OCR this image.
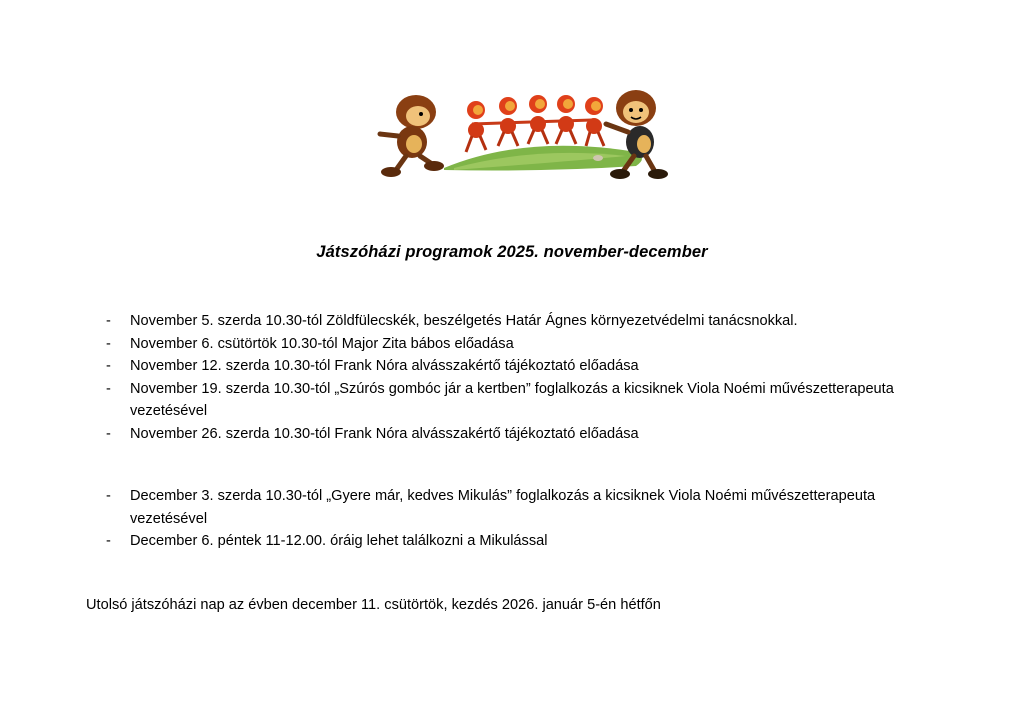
Játszóházi programok 2025. november-december
- November 5. szerda 10.30-tól Zöldfülecskék, beszélgetés Határ Ágnes környezetvédelmi tanácsnokkal.
- November 6. csütörtök 10.30-tól Major Zita bábos előadása
- November 12. szerda 10.30-tól Frank Nóra alvásszakértő tájékoztató előadása
- November 19. szerda 10.30-tól „Szúrós gombóc jár a kertben” foglalkozás a kicsiknek Viola Noémi művészetterapeuta vezetésével
- November 26. szerda 10.30-tól Frank Nóra alvásszakértő tájékoztató előadása
- December 3. szerda 10.30-tól „Gyere már, kedves Mikulás” foglalkozás a kicsiknek Viola Noémi művészetterapeuta vezetésével
- December 6. péntek 11-12.00. óráig lehet találkozni a Mikulással
Utolsó játszóházi nap az évben december 11. csütörtök, kezdés 2026. január 5-én hétfőn
